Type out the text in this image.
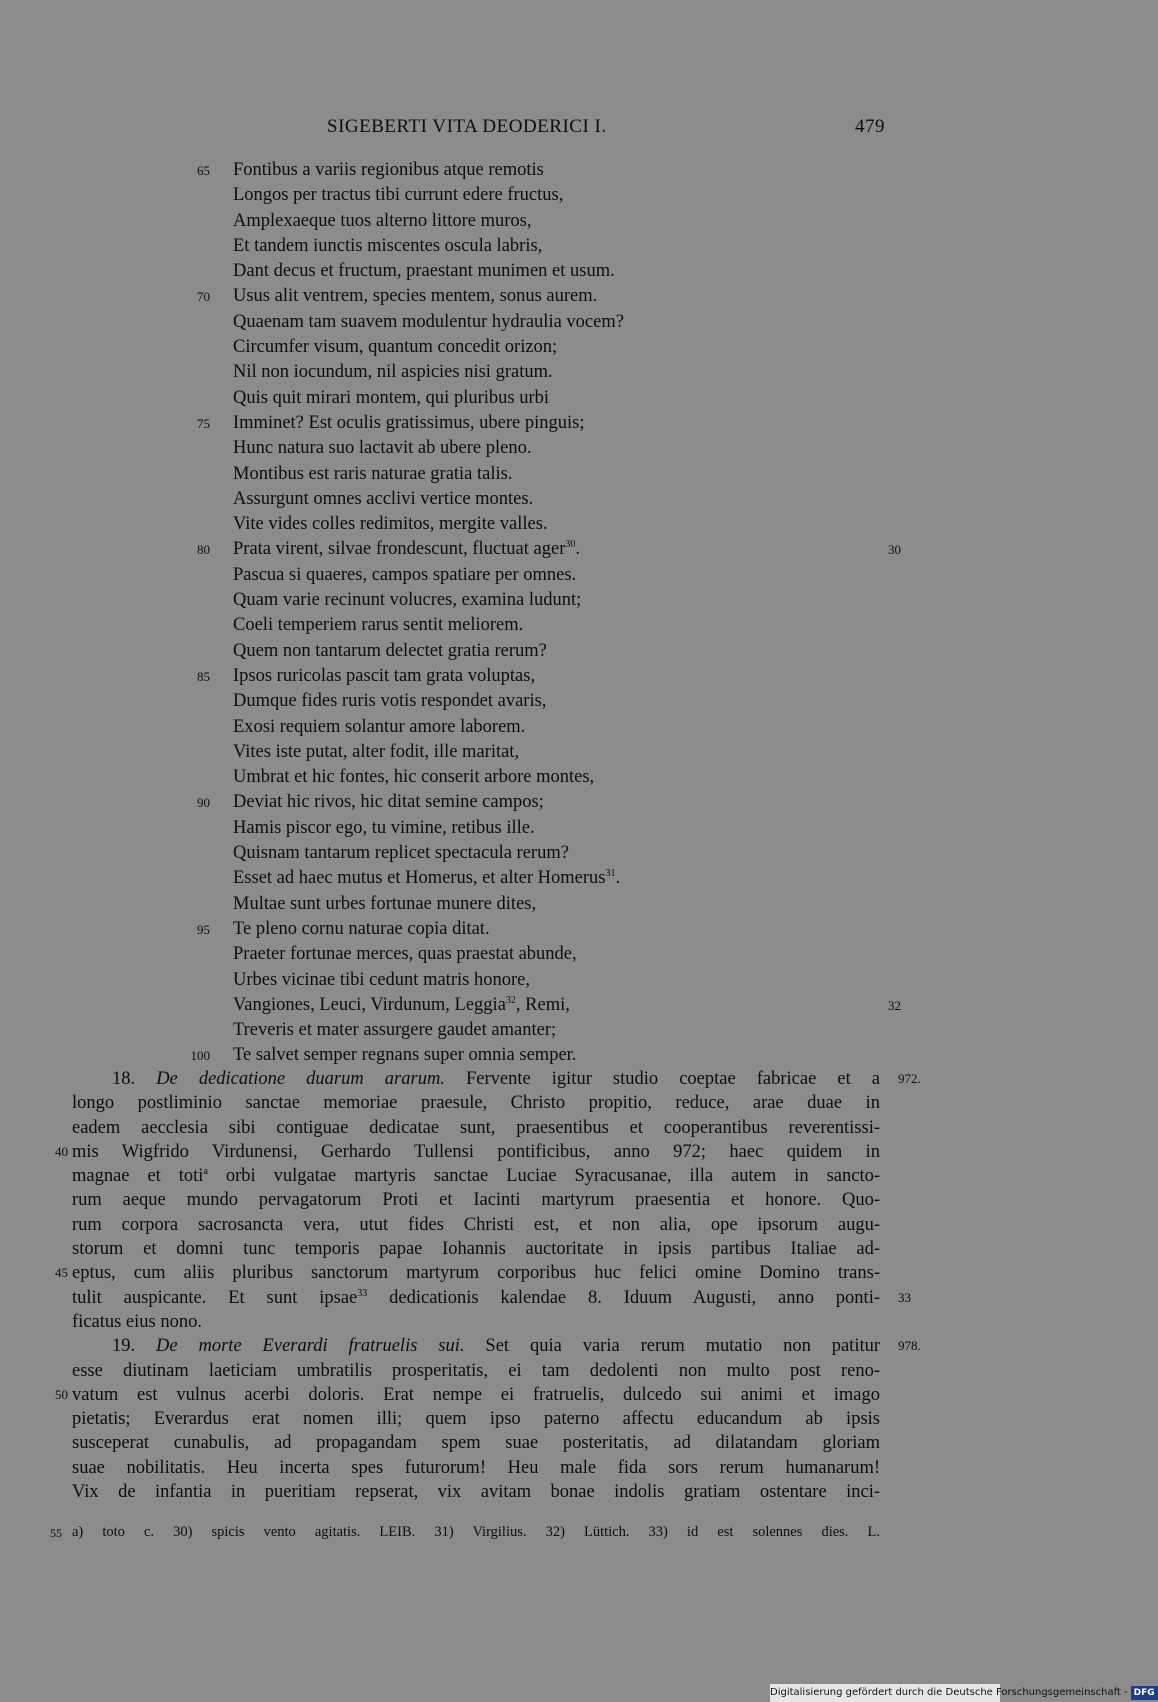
SIGEBERTI VITA DEODERICI I.	479
65 Fontibus a variis regionibus atque remotis
Longos per tractus tibi currunt edere fructus,
Amplexaeque tuos alterno littore muros,
Et tandem iunctis miscentes oscula labris,
Dant decus et fructum, praestant munimen et usum.
70 Usus alit ventrem, species mentem, sonus aurem.
Quaenam tam suavem modulentur hydraulia vocem?
Circumfer visum, quantum concedit orizon;
Nil non iocundum, nil aspicies nisi gratum.
Quis quit mirari montem, qui pluribus urbi
75 Imminet? Est oculis gratissimus, ubere pinguis;
Hunc natura suo lactavit ab ubere pleno.
Montibus est raris naturae gratia talis.
Assurgunt omnes acclivi vertice montes.
Vite vides colles redimitos, mergite valles.
80 Prata virent, silvae frondescunt, fluctuat ager$^{30}$.	30
Pascua si quaeres, campos spatiare per omnes.
Quam varie recinunt volucres, examina ludunt;
Coeli temperiem rarus sentit meliorem.
Quem non tantarum delectet gratia rerum?
85 Ipsos ruricolas pascit tam grata voluptas,
Dumque fides ruris votis respondet avaris,
Exosi requiem solantur amore laborem.
Vites iste putat, alter fodit, ille maritat,
Umbrat et hic fontes, hic conserit arbore montes,
90 Deviat hic rivos, hic ditat semine campos;
Hamis piscor ego, tu vimine, retibus ille.
Quisnam tantarum replicet spectacula rerum?
Esset ad haec mutus et Homerus, et alter Homerus$^{31}$.
Multae sunt urbes fortunae munere dites,
95 Te pleno cornu naturae copia ditat.
Praeter fortunae merces, quas praestat abunde,
Urbes vicinae tibi cedunt matris honore,
Vangiones, Leuci, Virdunum, Leggia$^{32}$, Remi,	32
Treveris et mater assurgere gaudet amanter;
100 Te salvet semper regnans super omnia semper.
18. De dedicatione duarum ararum. Fervente igitur studio coeptae fabricae et a 972.
longo postliminio sanctae memoriae praesule, Christo propitio, reduce, arae duae in
eadem aecclesia sibi contiguae dedicatae sunt, praesentibus et cooperantibus reverentissi-
40 mis Wigfrido Virdunensi, Gerhardo Tullensi pontificibus, anno 972; haec quidem in
magnae et toti$^a$ orbi vulgatae martyris sanctae Luciae Syracusanae, illa autem in sancto-
rum aeque mundo pervagatorum Proti et Iacinti martyrum praesentia et honore. Quo-
rum corpora sacrosancta vera, utut fides Christi est, et non alia, ope ipsorum augu-
storum et domni tunc temporis papae Iohannis auctoritate in ipsis partibus Italiae ad-
45 eptus, cum aliis pluribus sanctorum martyrum corporibus huc felici omine Domino trans-
tulit auspicante. Et sunt ipsae$^{33}$ dedicationis kalendae 8. Iduum Augusti, anno ponti- 33
ficatus eius nono.
19. De morte Everardi fratruelis sui. Set quia varia rerum mutatio non patitur 978.
esse diutinam laeticiam umbratilis prosperitatis, ei tam dedolenti non multo post reno-
50 vatum est vulnus acerbi doloris. Erat nempe ei fratruelis, dulcedo sui animi et imago
pietatis; Everardus erat nomen illi; quem ipso paterno affectu educandum ab ipsis
susceperat cunabulis, ad propagandam spem suae posteritatis, ad dilatandam gloriam
suae nobilitatis. Heu incerta spes futurorum! Heu male fida sors rerum humanarum!
Vix de infantia in pueritiam repserat, vix avitam bonae indolis gratiam ostentare inci-
55 a) toto c. 30) spicis vento agitatis. LEIB. 31) Virgilius. 32) Lüttich. 33) id est solennes dies. L.
Digitalisierung gefördert durch die Deutsche Forschungsgemeinschaft - DFG
